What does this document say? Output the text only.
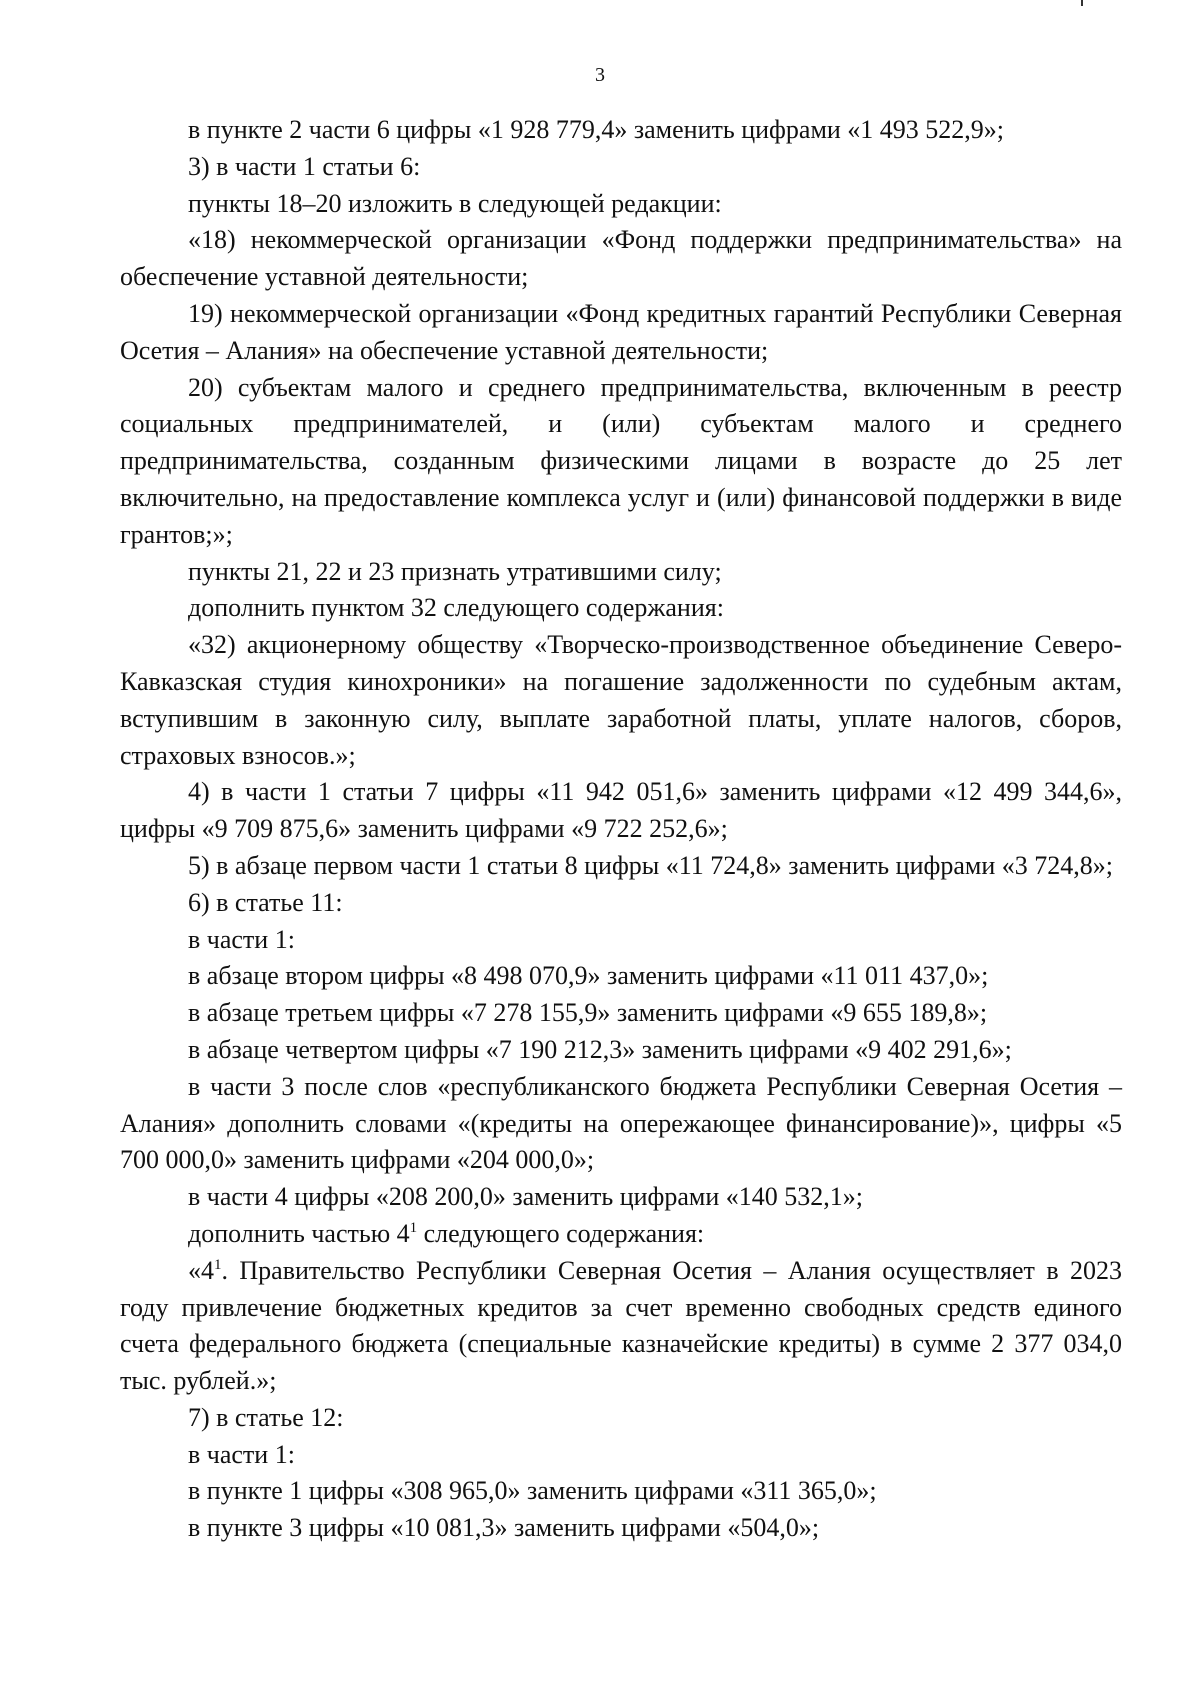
3

в пункте 2 части 6 цифры «1 928 779,4» заменить цифрами «1 493 522,9»;

3) в части 1 статьи 6:

пункты 18–20 изложить в следующей редакции:

«18) некоммерческой организации «Фонд поддержки предпринимательства» на обеспечение уставной деятельности;

19) некоммерческой организации «Фонд кредитных гарантий Республики Северная Осетия – Алания» на обеспечение уставной деятельности;

20) субъектам малого и среднего предпринимательства, включенным в реестр социальных предпринимателей, и (или) субъектам малого и среднего предпринимательства, созданным физическими лицами в возрасте до 25 лет включительно, на предоставление комплекса услуг и (или) финансовой поддержки в виде грантов;»;

пункты 21, 22 и 23 признать утратившими силу;

дополнить пунктом 32 следующего содержания:

«32) акционерному обществу «Творческо-производственное объединение Северо-Кавказская студия кинохроники» на погашение задолженности по судебным актам, вступившим в законную силу, выплате заработной платы, уплате налогов, сборов, страховых взносов.»;

4) в части 1 статьи 7 цифры «11 942 051,6» заменить цифрами «12 499 344,6», цифры «9 709 875,6» заменить цифрами «9 722 252,6»;

5) в абзаце первом части 1 статьи 8 цифры «11 724,8» заменить цифрами «3 724,8»;

6) в статье 11:

в части 1:

в абзаце втором цифры «8 498 070,9» заменить цифрами «11 011 437,0»;

в абзаце третьем цифры «7 278 155,9» заменить цифрами «9 655 189,8»;

в абзаце четвертом цифры «7 190 212,3» заменить цифрами «9 402 291,6»;

в части 3 после слов «республиканского бюджета Республики Северная Осетия – Алания» дополнить словами «(кредиты на опережающее финансирование)», цифры «5 700 000,0» заменить цифрами «204 000,0»;

в части 4 цифры «208 200,0» заменить цифрами «140 532,1»;

дополнить частью $4^1$ следующего содержания:

«$4^1$. Правительство Республики Северная Осетия – Алания осуществляет в 2023 году привлечение бюджетных кредитов за счет временно свободных средств единого счета федерального бюджета (специальные казначейские кредиты) в сумме 2 377 034,0 тыс. рублей.»;

7) в статье 12:

в части 1:

в пункте 1 цифры «308 965,0» заменить цифрами «311 365,0»;

в пункте 3 цифры «10 081,3» заменить цифрами «504,0»;
